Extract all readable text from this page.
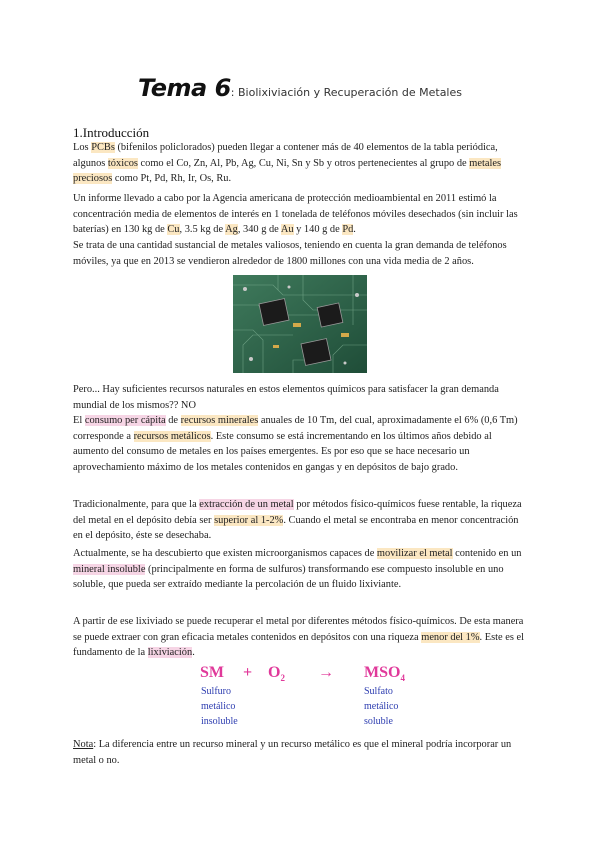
Tema 6: Biolixiviación y Recuperación de Metales
1.Introducción

Los PCBs (bifenilos policlorados) pueden llegar a contener más de 40 elementos de la tabla periódica, algunos tóxicos como el Co, Zn, Al, Pb, Ag, Cu, Ni, Sn y Sb y otros pertenecientes al grupo de metales preciosos como Pt, Pd, Rh, Ir, Os, Ru.

Un informe llevado a cabo por la Agencia americana de protección medioambiental en 2011 estimó la concentración media de elementos de interés en 1 tonelada de teléfonos móviles desechados (sin incluir las baterías) en 130 kg de Cu, 3.5 kg de Ag, 340 g de Au y 140 g de Pd.

Se trata de una cantidad sustancial de metales valiosos, teniendo en cuenta la gran demanda de teléfonos móviles, ya que en 2013 se vendieron alrededor de 1800 millones con una vida media de 2 años.

Pero... Hay suficientes recursos naturales en estos elementos químicos para satisfacer la gran demanda mundial de los mismos?? NO

El consumo per cápita de recursos minerales anuales de 10 Tm, del cual, aproximadamente el 6% (0,6 Tm) corresponde a recursos metálicos. Este consumo se está incrementando en los últimos años debido al aumento del consumo de metales en los países emergentes. Es por eso que se hace necesario un aprovechamiento máximo de los metales contenidos en gangas y en depósitos de bajo grado.

Tradicionalmente, para que la extracción de un metal por métodos físico-químicos fuese rentable, la riqueza del metal en el depósito debía ser superior al 1-2%. Cuando el metal se encontraba en menor concentración en el depósito, éste se desechaba.

Actualmente, se ha descubierto que existen microorganismos capaces de movilizar el metal contenido en un mineral insoluble (principalmente en forma de sulfuros) transformando ese compuesto insoluble en uno soluble, que pueda ser extraído mediante la percolación de un fluido lixiviante.

A partir de ese lixiviado se puede recuperar el metal por diferentes métodos físico-químicos. De esta manera se puede extraer con gran eficacia metales contenidos en depósitos con una riqueza menor del 1%. Este es el fundamento de la lixiviación.

SM + $O_2 \to MSO_4$
Sulfuro
metálico
insoluble
Sulfato
metálico
soluble

Nota: La diferencia entre un recurso mineral y un recurso metálico es que el mineral podría incorporar un metal o no.
